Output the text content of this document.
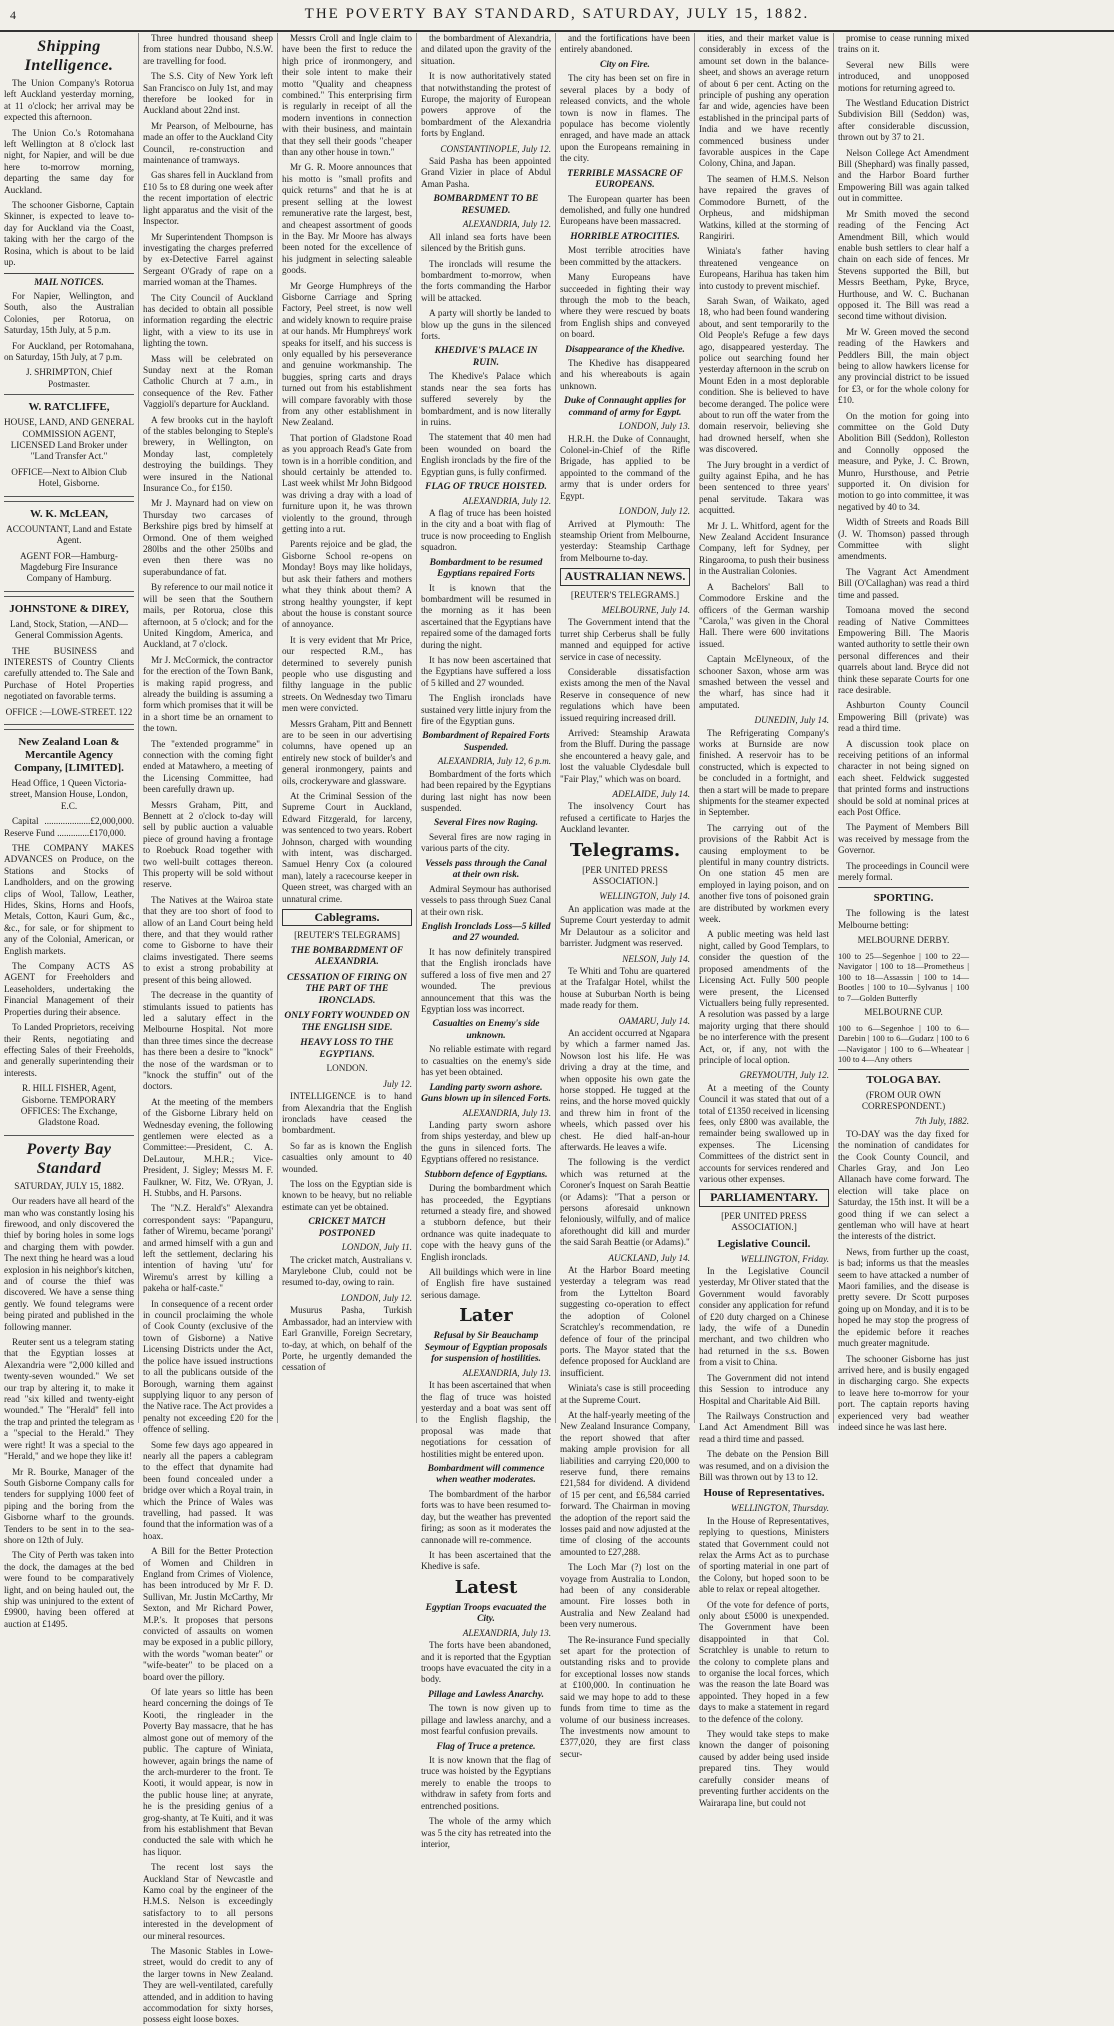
4	THE POVERTY BAY STANDARD, SATURDAY, JULY 15, 1882.
Shipping Intelligence.

The Union Company's Rotorua left Auckland yesterday morning, at 11 o'clock; her arrival may be expected this afternoon.

The Union Co.'s Rotomahana left Wellington at 8 o'clock last night, for Napier, and will be due here to-morrow morning, departing the same day for Auckland.

The schooner Gisborne, Captain Skinner, is expected to leave to-day for Auckland via the Coast, taking with her the cargo of the Rosina, which is about to be laid up.

MAIL NOTICES.

For Napier, Wellington, and South, also the Australian Colonies, per Rotorua, on Saturday, 15th July, at 5 p.m.

For Auckland, per Rotomahana, on Saturday, 15th July, at 7 p.m.

J. SHRIMPTON, Chief Postmaster.

W. RATCLIFFE,

HOUSE, LAND, AND GENERAL COMMISSION AGENT, LICENSED Land Broker under "Land Transfer Act."

OFFICE—Next to Albion Club Hotel, Gisborne.

W. K. McLEAN,

ACCOUNTANT, Land and Estate Agent.

AGENT FOR—Hamburg-Magdeburg Fire Insurance Company of Hamburg.

JOHNSTONE & DIREY,

Land, Stock, Station, —AND— General Commission Agents.

THE BUSINESS and INTERESTS of Country Clients carefully attended to. The Sale and Purchase of Hotel Properties negotiated on favorable terms.

OFFICE :—LOWE-STREET. 122

New Zealand Loan & Mercantile Agency Company, [LIMITED].

Head Office, 1 Queen Victoria-street, Mansion House, London, E.C.

Capital ....................£2,000,000. Reserve Fund ..............£170,000.

THE COMPANY MAKES ADVANCES on Produce, on the Stations and Stocks of Landholders, and on the growing clips of Wool, Tallow, Leather, Hides, Skins, Horns and Hoofs, Metals, Cotton, Kauri Gum, &c., &c., for sale, or for shipment to any of the Colonial, American, or English markets.

The Company ACTS AS AGENT for Freeholders and Leaseholders, undertaking the Financial Management of their Properties during their absence.

To Landed Proprietors, receiving their Rents, negotiating and effecting Sales of their Freeholds, and generally superintending their interests.

R. HILL FISHER, Agent, Gisborne. TEMPORARY OFFICES: The Exchange, Gladstone Road.

Poverty Bay Standard

SATURDAY, JULY 15, 1882.

Our readers have all heard of the man who was constantly losing his firewood, and only discovered the thief by boring holes in some logs and charging them with powder. The next thing he heard was a loud explosion in his neighbor's kitchen, and of course the thief was discovered. We have a sense thing gently. We found telegrams were being pirated and published in the following manner.

Reuter sent us a telegram stating that the Egyptian losses at Alexandria were "2,000 killed and twenty-seven wounded." We set our trap by altering it, to make it read "six killed and twenty-eight wounded." The "Herald" fell into the trap and printed the telegram as a "special to the Herald." They were right! It was a special to the "Herald," and we hope they like it!

Mr R. Bourke, Manager of the South Gisborne Company calls for tenders for supplying 1000 feet of piping and the boring from the Gisborne wharf to the grounds. Tenders to be sent in to the sea-shore on 12th of July.

The City of Perth was taken into the dock, the damages at the bed were found to be comparatively light, and on being hauled out, the ship was uninjured to the extent of £9900, having been offered at auction at £1495.

Three hundred thousand sheep from stations near Dubbo, N.S.W. are travelling for food.

The S.S. City of New York left San Francisco on July 1st, and may therefore be looked for in Auckland about 22nd inst.

Mr Pearson, of Melbourne, has made an offer to the Auckland City Council, re-construction and maintenance of tramways.

Gas shares fell in Auckland from £10 5s to £8 during one week after the recent importation of electric light apparatus and the visit of the Inspector.

Mr Superintendent Thompson is investigating the charges preferred by ex-Detective Farrel against Sergeant O'Grady of rape on a married woman at the Thames.

The City Council of Auckland has decided to obtain all possible information regarding the electric light, with a view to its use in lighting the town.

Mass will be celebrated on Sunday next at the Roman Catholic Church at 7 a.m., in consequence of the Rev. Father Vaggioli's departure for Auckland.

A few brooks cut in the hayloft of the stables belonging to Steple's brewery, in Wellington, on Monday last, completely destroying the buildings. They were insured in the National Insurance Co., for £150.

Mr J. Maynard had on view on Thursday two carcases of Berkshire pigs bred by himself at Ormond. One of them weighed 280lbs and the other 250lbs and even then there was no superabundance of fat.

By reference to our mail notice it will be seen that the Southern mails, per Rotorua, close this afternoon, at 5 o'clock; and for the United Kingdom, America, and Auckland, at 7 o'clock.

Mr J. McCormick, the contractor for the erection of the Town Bank, is making rapid progress, and already the building is assuming a form which promises that it will be in a short time be an ornament to the town.

The "extended programme" in connection with the coming fight ended at Matawhero, a meeting of the Licensing Committee, had been carefully drawn up.

Messrs Graham, Pitt, and Bennett at 2 o'clock to-day will sell by public auction a valuable piece of ground having a frontage to Roebuck Road together with two well-built cottages thereon. This property will be sold without reserve.

The Natives at the Wairoa state that they are too short of food to allow of an Land Court being held there, and that they would rather come to Gisborne to have their claims investigated. There seems to exist a strong probability at present of this being allowed.

The decrease in the quantity of stimulants issued to patients has led a salutary effect in the Melbourne Hospital. Not more than three times since the decrease has there been a desire to "knock" the nose of the wardsman or to "knock the stuffin" out of the doctors.

At the meeting of the members of the Gisborne Library held on Wednesday evening, the following gentlemen were elected as a Committee:—President, C. A. DeLautour, M.H.R.; Vice-President, J. Sigley; Messrs M. F. Faulkner, W. Fitz, We. O'Ryan, J. H. Stubbs, and H. Parsons.

The "N.Z. Herald's" Alexandra correspondent says: "Papanguru, father of Wiremu, became 'porangi' and armed himself with a gun and left the settlement, declaring his intention of having 'utu' for Wiremu's arrest by killing a pakeha or half-caste."

In consequence of a recent order in council proclaiming the whole of Cook County (exclusive of the town of Gisborne) a Native Licensing Districts under the Act, the police have issued instructions to all the publicans outside of the Borough, warning them against supplying liquor to any person of the Native race. The Act provides a penalty not exceeding £20 for the offence of selling.

Some few days ago appeared in nearly all the papers a cablegram to the effect that dynamite had been found concealed under a bridge over which a Royal train, in which the Prince of Wales was travelling, had passed. It was found that the information was of a hoax.

A Bill for the Better Protection of Women and Children in England from Crimes of Violence, has been introduced by Mr F. D. Sullivan, Mr. Justin McCarthy, Mr Sexton, and Mr Richard Power, M.P.'s. It proposes that persons convicted of assaults on women may be exposed in a public pillory, with the words "woman beater" or "wife-beater" to be placed on a board over the pillory.

Of late years so little has been heard concerning the doings of Te Kooti, the ringleader in the Poverty Bay massacre, that he has almost gone out of memory of the public. The capture of Winiata, however, again brings the name of the arch-murderer to the front. Te Kooti, it would appear, is now in the public house line; at anyrate, he is the presiding genius of a grog-shanty, at Te Kuiti, and it was from his establishment that Bevan conducted the sale with which he has liquor.

The recent lost says the Auckland Star of Newcastle and Kamo coal by the engineer of the H.M.S. Nelson is exceedingly satisfactory to to all persons interested in the development of our mineral resources.

The Masonic Stables in Lowe-street, would do credit to any of the larger towns in New Zealand. They are well-ventilated, carefully attended, and in addition to having accommodation for sixty horses, possess eight loose boxes.

Messrs Croll and Ingle claim to have been the first to reduce the high price of ironmongery, and their sole intent to make their motto "Quality and cheapness combined." This enterprising firm is regularly in receipt of all the modern inventions in connection with their business, and maintain that they sell their goods "cheaper than any other house in town."

Mr G. R. Moore announces that his motto is "small profits and quick returns" and that he is at present selling at the lowest remunerative rate the largest, best, and cheapest assortment of goods in the Bay. Mr Moore has always been noted for the excellence of his judgment in selecting saleable goods.

Mr George Humphreys of the Gisborne Carriage and Spring Factory, Peel street, is now well and widely known to require praise at our hands. Mr Humphreys' work speaks for itself, and his success is only equalled by his perseverance and genuine workmanship. The buggies, spring carts and drays turned out from his establishment will compare favorably with those from any other establishment in New Zealand.

That portion of Gladstone Road as you approach Read's Gate from town is in a horrible condition, and should certainly be attended to. Last week whilst Mr John Bidgood was driving a dray with a load of furniture upon it, he was thrown violently to the ground, through getting into a rut.

Parents rejoice and be glad, the Gisborne School re-opens on Monday! Boys may like holidays, but ask their fathers and mothers what they think about them? A strong healthy youngster, if kept about the house is constant source of annoyance.

It is very evident that Mr Price, our respected R.M., has determined to severely punish people who use disgusting and filthy language in the public streets. On Wednesday two Timaru men were convicted.

Messrs Graham, Pitt and Bennett are to be seen in our advertising columns, have opened up an entirely new stock of builder's and general ironmongery, paints and oils, crockeryware and glassware.

At the Criminal Session of the Supreme Court in Auckland, Edward Fitzgerald, for larceny, was sentenced to two years. Robert Johnson, charged with wounding with intent, was discharged. Samuel Henry Cox (a coloured man), lately a racecourse keeper in Queen street, was charged with an unnatural crime.

Cablegrams.

[REUTER'S TELEGRAMS]

THE BOMBARDMENT OF ALEXANDRIA.
CESSATION OF FIRING ON THE PART OF THE IRONCLADS.
ONLY FORTY WOUNDED ON THE ENGLISH SIDE.
HEAVY LOSS TO THE EGYPTIANS.

LONDON.

July 12.

INTELLIGENCE is to hand from Alexandria that the English ironclads have ceased the bombardment.

So far as is known the English casualties only amount to 40 wounded.

The loss on the Egyptian side is known to be heavy, but no reliable estimate can yet be obtained.

CRICKET MATCH POSTPONED
LONDON, July 11.

The cricket match, Australians v. Marylebone Club, could not be resumed to-day, owing to rain.

LONDON, July 12.

Musurus Pasha, Turkish Ambassador, had an interview with Earl Granville, Foreign Secretary, to-day, at which, on behalf of the Porte, he urgently demanded the cessation of

the bombardment of Alexandria, and dilated upon the gravity of the situation.

It is now authoritatively stated that notwithstanding the protest of Europe, the majority of European powers approve of the bombardment of the Alexandria forts by England.

CONSTANTINOPLE, July 12.

Said Pasha has been appointed Grand Vizier in place of Abdul Aman Pasha.

BOMBARDMENT TO BE RESUMED.
ALEXANDRIA, July 12.

All inland sea forts have been silenced by the British guns.

The ironclads will resume the bombardment to-morrow, when the forts commanding the Harbor will be attacked.

A party will shortly be landed to blow up the guns in the silenced forts.

KHEDIVE'S PALACE IN RUIN.

The Khedive's Palace which stands near the sea forts has suffered severely by the bombardment, and is now literally in ruins.

The statement that 40 men had been wounded on board the English ironclads by the fire of the Egyptian guns, is fully confirmed.

FLAG OF TRUCE HOISTED.
ALEXANDRIA, July 12.

A flag of truce has been hoisted in the city and a boat with flag of truce is now proceeding to English squadron.

Bombardment to be resumed Egyptians repaired Forts

It is known that the bombardment will be resumed in the morning as it has been ascertained that the Egyptians have repaired some of the damaged forts during the night.

It has now been ascertained that the Egyptians have suffered a loss of 5 killed and 27 wounded.

The English ironclads have sustained very little injury from the fire of the Egyptian guns.

Bombardment of Repaired Forts Suspended.
ALEXANDRIA, July 12, 6 p.m.

Bombardment of the forts which had been repaired by the Egyptians during last night has now been suspended.

Several Fires now Raging.

Several fires are now raging in various parts of the city.

Vessels pass through the Canal at their own risk.

Admiral Seymour has authorised vessels to pass through Suez Canal at their own risk.

English Ironclads Loss—5 killed and 27 wounded.

It has now definitely transpired that the English ironclads have suffered a loss of five men and 27 wounded. The previous announcement that this was the Egyptian loss was incorrect.

Casualties on Enemy's side unknown.

No reliable estimate with regard to casualties on the enemy's side has yet been obtained.

Landing party sworn ashore. Guns blown up in silenced Forts.
ALEXANDRIA, July 13.

Landing party sworn ashore from ships yesterday, and blew up the guns in silenced forts. The Egyptians offered no resistance.

Stubborn defence of Egyptians.

During the bombardment which has proceeded, the Egyptians returned a steady fire, and showed a stubborn defence, but their ordnance was quite inadequate to cope with the heavy guns of the English ironclads.

All buildings which were in line of English fire have sustained serious damage.

Later
Refusal by Sir Beauchamp Seymour of Egyptian proposals for suspension of hostilities.
ALEXANDRIA, July 13.

It has been ascertained that when the flag of truce was hoisted yesterday and a boat was sent off to the English flagship, the proposal was made that negotiations for cessation of hostilities might be entered upon.

Bombardment will commence when weather moderates.

The bombardment of the harbor forts was to have been resumed to-day, but the weather has prevented firing; as soon as it moderates the cannonade will re-commence.

It has been ascertained that the Khedive is safe.

Latest
Egyptian Troops evacuated the City.
ALEXANDRIA, July 13.

The forts have been abandoned, and it is reported that the Egyptian troops have evacuated the city in a body.

Pillage and Lawless Anarchy.

The town is now given up to pillage and lawless anarchy, and a most fearful confusion prevails.

Flag of Truce a pretence.

It is now known that the flag of truce was hoisted by the Egyptians merely to enable the troops to withdraw in safety from forts and entrenched positions.

The whole of the army which was 5 the city has retreated into the interior,

and the fortifications have been entirely abandoned.

City on Fire.

The city has been set on fire in several places by a body of released convicts, and the whole town is now in flames. The populace has become violently enraged, and have made an attack upon the Europeans remaining in the city.

TERRIBLE MASSACRE OF EUROPEANS.

The European quarter has been demolished, and fully one hundred Europeans have been massacred.

HORRIBLE ATROCITIES.

Most terrible atrocities have been committed by the attackers.

Many Europeans have succeeded in fighting their way through the mob to the beach, where they were rescued by boats from English ships and conveyed on board.

Disappearance of the Khedive.

The Khedive has disappeared and his whereabouts is again unknown.

Duke of Connaught applies for command of army for Egypt.
LONDON, July 13.

H.R.H. the Duke of Connaught, Colonel-in-Chief of the Rifle Brigade, has applied to be appointed to the command of the army that is under orders for Egypt.

LONDON, July 12.

Arrived at Plymouth: The steamship Orient from Melbourne, yesterday: Steamship Carthage from Melbourne to-day.

AUSTRALIAN NEWS.

[REUTER'S TELEGRAMS.]

MELBOURNE, July 14.

The Government intend that the turret ship Cerberus shall be fully manned and equipped for active service in case of necessity.

Considerable dissatisfaction exists among the men of the Naval Reserve in consequence of new regulations which have been issued requiring increased drill.

Arrived: Steamship Arawata from the Bluff. During the passage she encountered a heavy gale, and lost the valuable Clydesdale bull "Fair Play," which was on board.

ADELAIDE, July 14.

The insolvency Court has refused a certificate to Harjes the Auckland levanter.

Telegrams.

[PER UNITED PRESS ASSOCIATION.]

WELLINGTON, July 14.

An application was made at the Supreme Court yesterday to admit Mr Delautour as a solicitor and barrister. Judgment was reserved.

NELSON, July 14.

Te Whiti and Tohu are quartered at the Trafalgar Hotel, whilst the house at Suburban North is being made ready for them.

OAMARU, July 14.

An accident occurred at Ngapara by which a farmer named Jas. Nowson lost his life. He was driving a dray at the time, and when opposite his own gate the horse stopped. He tugged at the reins, and the horse moved quickly and threw him in front of the wheels, which passed over his chest. He died half-an-hour afterwards. He leaves a wife.

The following is the verdict which was returned at the Coroner's Inquest on Sarah Beattie (or Adams): "That a person or persons aforesaid unknown feloniously, wilfully, and of malice aforethought did kill and murder the said Sarah Beattie (or Adams)."

AUCKLAND, July 14.

At the Harbor Board meeting yesterday a telegram was read from the Lyttelton Board suggesting co-operation to effect the adoption of Colonel Scratchley's recommendation, re defence of four of the principal ports. The Mayor stated that the defence proposed for Auckland are insufficient.

Winiata's case is still proceeding at the Supreme Court.

At the half-yearly meeting of the New Zealand Insurance Company, the report showed that after making ample provision for all liabilities and carrying £20,000 to reserve fund, there remains £21,584 for dividend. A dividend of 15 per cent, and £6,584 carried forward. The Chairman in moving the adoption of the report said the losses paid and now adjusted at the time of closing of the accounts amounted to £27,288.

The Loch Mar (?) lost on the voyage from Australia to London, had been of any considerable amount. Fire losses both in Australia and New Zealand had been very numerous.

The Re-insurance Fund specially set apart for the protection of outstanding risks and to provide for exceptional losses now stands at £100,000. In continuation he said we may hope to add to these funds from time to time as the volume of our business increases. The investments now amount to £377,020, they are first class secur-

ities, and their market value is considerably in excess of the amount set down in the balance-sheet, and shows an average return of about 6 per cent. Acting on the principle of pushing any operation far and wide, agencies have been established in the principal parts of India and we have recently commenced business under favorable auspices in the Cape Colony, China, and Japan.

The seamen of H.M.S. Nelson have repaired the graves of Commodore Burnett, of the Orpheus, and midshipman Watkins, killed at the storming of Rangiriri.

Winiata's father having threatened vengeance on Europeans, Harihua has taken him into custody to prevent mischief.

Sarah Swan, of Waikato, aged 18, who had been found wandering about, and sent temporarily to the Old People's Refuge a few days ago, disappeared yesterday. The police out searching found her yesterday afternoon in the scrub on Mount Eden in a most deplorable condition. She is believed to have become deranged. The police were about to run off the water from the domain reservoir, believing she had drowned herself, when she was discovered.

The Jury brought in a verdict of guilty against Epiha, and he has been sentenced to three years' penal servitude. Takara was acquitted.

Mr J. L. Whitford, agent for the New Zealand Accident Insurance Company, left for Sydney, per Ringarooma, to push their business in the Australian Colonies.

A Bachelors' Ball to Commodore Erskine and the officers of the German warship "Carola," was given in the Choral Hall. There were 600 invitations issued.

Captain McElyneoux, of the schooner Saxon, whose arm was smashed between the vessel and the wharf, has since had it amputated.

DUNEDIN, July 14.

The Refrigerating Company's works at Burnside are now finished. A reservoir has to be constructed, which is expected to be concluded in a fortnight, and then a start will be made to prepare shipments for the steamer expected in September.

The carrying out of the provisions of the Rabbit Act is causing employment to be plentiful in many country districts. On one station 45 men are employed in laying poison, and on another five tons of poisoned grain are distributed by workmen every week.

A public meeting was held last night, called by Good Templars, to consider the question of the proposed amendments of the Licensing Act. Fully 500 people were present, the Licensed Victuallers being fully represented. A resolution was passed by a large majority urging that there should be no interference with the present Act, or, if any, not with the principle of local option.

GREYMOUTH, July 12.

At a meeting of the County Council it was stated that out of a total of £1350 received in licensing fees, only £800 was available, the remainder being swallowed up in expenses. The Licensing Committees of the district sent in accounts for services rendered and various other expenses.

PARLIAMENTARY.

[PER UNITED PRESS ASSOCIATION.]

Legislative Council.
WELLINGTON, Friday.

In the Legislative Council yesterday, Mr Oliver stated that the Government would favorably consider any application for refund of £20 duty charged on a Chinese lady, the wife of a Dunedin merchant, and two children who had returned in the s.s. Bowen from a visit to China.

The Government did not intend this Session to introduce any Hospital and Charitable Aid Bill.

The Railways Construction and Land Act Amendment Bill was read a third time and passed.

The debate on the Pension Bill was resumed, and on a division the Bill was thrown out by 13 to 12.

House of Representatives.
WELLINGTON, Thursday.

In the House of Representatives, replying to questions, Ministers stated that Government could not relax the Arms Act as to purchase of sporting material in one part of the Colony, but hoped soon to be able to relax or repeal altogether.

Of the vote for defence of ports, only about £5000 is unexpended. The Government have been disappointed in that Col. Scratchley is unable to return to the colony to complete plans and to organise the local forces, which was the reason the late Board was appointed. They hoped in a few days to make a statement in regard to the defence of the colony.

They would take steps to make known the danger of poisoning caused by adder being used inside prepared tins. They would carefully consider means of preventing further accidents on the Wairarapa line, but could not

promise to cease running mixed trains on it.

Several new Bills were introduced, and unopposed motions for returning agreed to.

The Westland Education District Subdivision Bill (Seddon) was, after considerable discussion, thrown out by 37 to 21.

Nelson College Act Amendment Bill (Shephard) was finally passed, and the Harbor Board further Empowering Bill was again talked out in committee.

Mr Smith moved the second reading of the Fencing Act Amendment Bill, which would enable bush settlers to clear half a chain on each side of fences. Mr Stevens supported the Bill, but Messrs Beetham, Pyke, Bryce, Hurthouse, and W. C. Buchanan opposed it. The Bill was read a second time without division.

Mr W. Green moved the second reading of the Hawkers and Peddlers Bill, the main object being to allow hawkers license for any provincial district to be issued for £3, or for the whole colony for £10.

On the motion for going into committee on the Gold Duty Abolition Bill (Seddon), Rolleston and Connolly opposed the measure, and Pyke, J. C. Brown, Munro, Hursthouse, and Petrie supported it. On division for motion to go into committee, it was negatived by 40 to 34.

Width of Streets and Roads Bill (J. W. Thomson) passed through Committee with slight amendments.

The Vagrant Act Amendment Bill (O'Callaghan) was read a third time and passed.

Tomoana moved the second reading of Native Committees Empowering Bill. The Maoris wanted authority to settle their own personal differences and their quarrels about land. Bryce did not think these separate Courts for one race desirable.

Ashburton County Council Empowering Bill (private) was read a third time.

A discussion took place on receiving petitions of an informal character in not being signed on each sheet. Feldwick suggested that printed forms and instructions should be sold at nominal prices at each Post Office.

The Payment of Members Bill was received by message from the Governor.

The proceedings in Council were merely formal.

SPORTING.

The following is the latest Melbourne betting:

MELBOURNE DERBY.

100 to 25—Segenhoe | 100 to 22—Navigator | 100 to 18—Prometheus | 100 to 18—Assassin | 100 to 14—Bootles | 100 to 10—Sylvanus | 100 to 7—Golden Butterfly

MELBOURNE CUP.

100 to 6—Segenhoe | 100 to 6—Darebin | 100 to 6—Gudarz | 100 to 6—Navigator | 100 to 6—Wheatear | 100 to 4—Any others

TOLOGA BAY.

(FROM OUR OWN CORRESPONDENT.)

7th July, 1882.

TO-DAY was the day fixed for the nomination of candidates for the Cook County Council, and Charles Gray, and Jon Leo Allanach have come forward. The election will take place on Saturday, the 15th inst. It will be a good thing if we can select a gentleman who will have at heart the interests of the district.

News, from further up the coast, is bad; informs us that the measles seem to have attacked a number of Maori families, and the disease is pretty severe. Dr Scott purposes going up on Monday, and it is to be hoped he may stop the progress of the epidemic before it reaches much greater magnitude.

The schooner Gisborne has just arrived here, and is busily engaged in discharging cargo. She expects to leave here to-morrow for your port. The captain reports having experienced very bad weather indeed since he was last here.
